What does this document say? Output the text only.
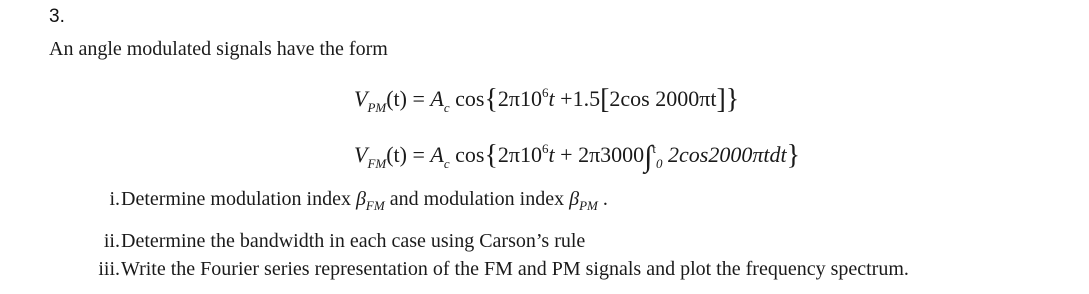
3.
An angle modulated signals have the form
$V_{PM}(t) = A_c$ $\cos\{2\pi 10^6t +1.5[2\cos$ 2000πt]}
$V_{FM}(t) = A_c$ $\cos\{2\pi 10^6t + 2\pi 3000\int^t_0$ 2cos2000πtdt}
i. Determine modulation index $\beta_{FM}$ and modulation index $\beta_{PM}$ .
ii. Determine the bandwidth in each case using Carson’s rule
iii. Write the Fourier series representation of the FM and PM signals and plot the frequency spectrum.
